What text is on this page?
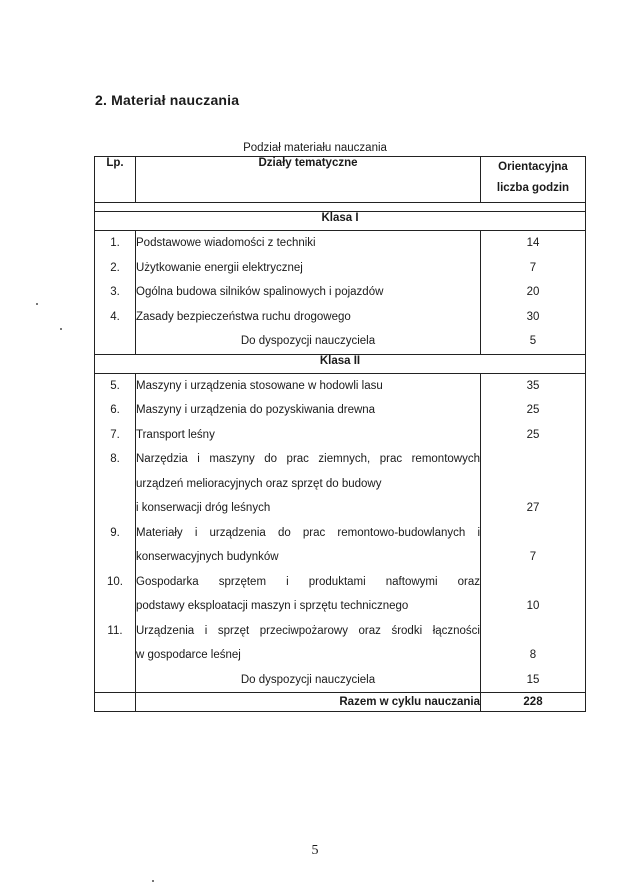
2. Materiał nauczania
Podział materiału nauczania
Lp.	Działy tematyczne	Orientacyjna
liczba godzin

Klasa I		
1.	Podstawowe wiadomości z techniki	14
2.	Użytkowanie energii elektrycznej	7
3.	Ogólna budowa silników spalinowych i pojazdów	20
4.	Zasady bezpieczeństwa ruchu drogowego	30
	Do dyspozycji nauczyciela	5
Klasa II		
5.	Maszyny i urządzenia stosowane w hodowli lasu	35
6.	Maszyny i urządzenia do pozyskiwania drewna	25
7.	Transport leśny	25
8.	Narzędzia i maszyny do prac ziemnych, prac remontowych	
	urządzeń melioracyjnych oraz sprzęt do budowy	
	i konserwacji dróg leśnych	27
9.	Materiały i urządzenia do prac remontowo-budowlanych i	
	konserwacyjnych budynków	7
10.	Gospodarka sprzętem i produktami naftowymi oraz	
	podstawy eksploatacji maszyn i sprzętu technicznego	10
11.	Urządzenia i sprzęt przeciwpożarowy oraz środki łączności	
	w gospodarce leśnej	8
	Do dyspozycji nauczyciela	15
	Razem w cyklu nauczania	228
5
